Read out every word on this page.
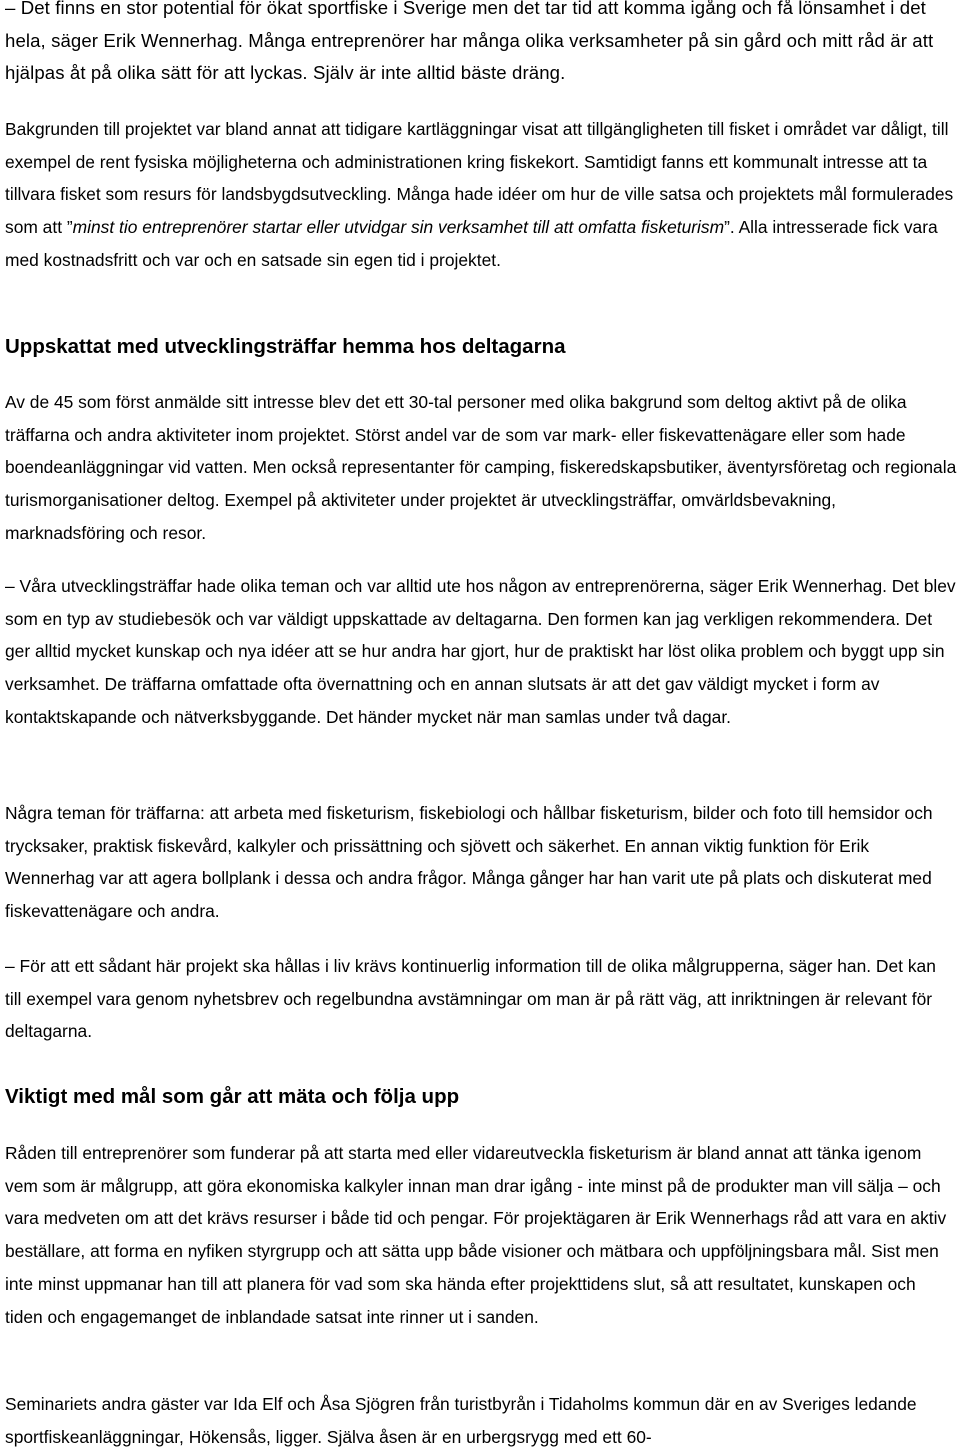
– Det finns en stor potential för ökat sportfiske i Sverige men det tar tid att komma igång och få lönsamhet i det hela, säger Erik Wennerhag. Många entreprenörer har många olika verksamheter på sin gård och mitt råd är att hjälpas åt på olika sätt för att lyckas. Själv är inte alltid bäste dräng.

Bakgrunden till projektet var bland annat att tidigare kartläggningar visat att tillgängligheten till fisket i området var dåligt, till exempel de rent fysiska möjligheterna och administrationen kring fiskekort. Samtidigt fanns ett kommunalt intresse att ta tillvara fisket som resurs för landsbygdsutveckling. Många hade idéer om hur de ville satsa och projektets mål formulerades som att ”minst tio entreprenörer startar eller utvidgar sin verksamhet till att omfatta fisketurism”. Alla intresserade fick vara med kostnadsfritt och var och en satsade sin egen tid i projektet.

Uppskattat med utvecklingsträffar hemma hos deltagarna

Av de 45 som först anmälde sitt intresse blev det ett 30-tal personer med olika bakgrund som deltog aktivt på de olika träffarna och andra aktiviteter inom projektet. Störst andel var de som var mark- eller fiskevattenägare eller som hade boendeanläggningar vid vatten. Men också representanter för camping, fiskeredskapsbutiker, äventyrsföretag och regionala turismorganisationer deltog. Exempel på aktiviteter under projektet är utvecklingsträffar, omvärldsbevakning, marknadsföring och resor.

– Våra utvecklingsträffar hade olika teman och var alltid ute hos någon av entreprenörerna, säger Erik Wennerhag. Det blev som en typ av studiebesök och var väldigt uppskattade av deltagarna. Den formen kan jag verkligen rekommendera. Det ger alltid mycket kunskap och nya idéer att se hur andra har gjort, hur de praktiskt har löst olika problem och byggt upp sin verksamhet. De träffarna omfattade ofta övernattning och en annan slutsats är att det gav väldigt mycket i form av kontaktskapande och nätverksbyggande. Det händer mycket när man samlas under två dagar.

Några teman för träffarna: att arbeta med fisketurism, fiskebiologi och hållbar fisketurism, bilder och foto till hemsidor och trycksaker, praktisk fiskevård, kalkyler och prissättning och sjövett och säkerhet. En annan viktig funktion för Erik Wennerhag var att agera bollplank i dessa och andra frågor. Många gånger har han varit ute på plats och diskuterat med fiskevattenägare och andra.

– För att ett sådant här projekt ska hållas i liv krävs kontinuerlig information till de olika målgrupperna, säger han. Det kan till exempel vara genom nyhetsbrev och regelbundna avstämningar om man är på rätt väg, att inriktningen är relevant för deltagarna.

Viktigt med mål som går att mäta och följa upp

Råden till entreprenörer som funderar på att starta med eller vidareutveckla fisketurism är bland annat att tänka igenom vem som är målgrupp, att göra ekonomiska kalkyler innan man drar igång - inte minst på de produkter man vill sälja – och vara medveten om att det krävs resurser i både tid och pengar. För projektägaren är Erik Wennerhags råd att vara en aktiv beställare, att forma en nyfiken styrgrupp och att sätta upp både visioner och mätbara och uppföljningsbara mål. Sist men inte minst uppmanar han till att planera för vad som ska hända efter projekttidens slut, så att resultatet, kunskapen och tiden och engagemanget de inblandade satsat inte rinner ut i sanden.

Seminariets andra gäster var Ida Elf och Åsa Sjögren från turistbyrån i Tidaholms kommun där en av Sveriges ledande sportfiskeanläggningar, Hökensås, ligger. Själva åsen är en urbergsrygg med ett 60-
